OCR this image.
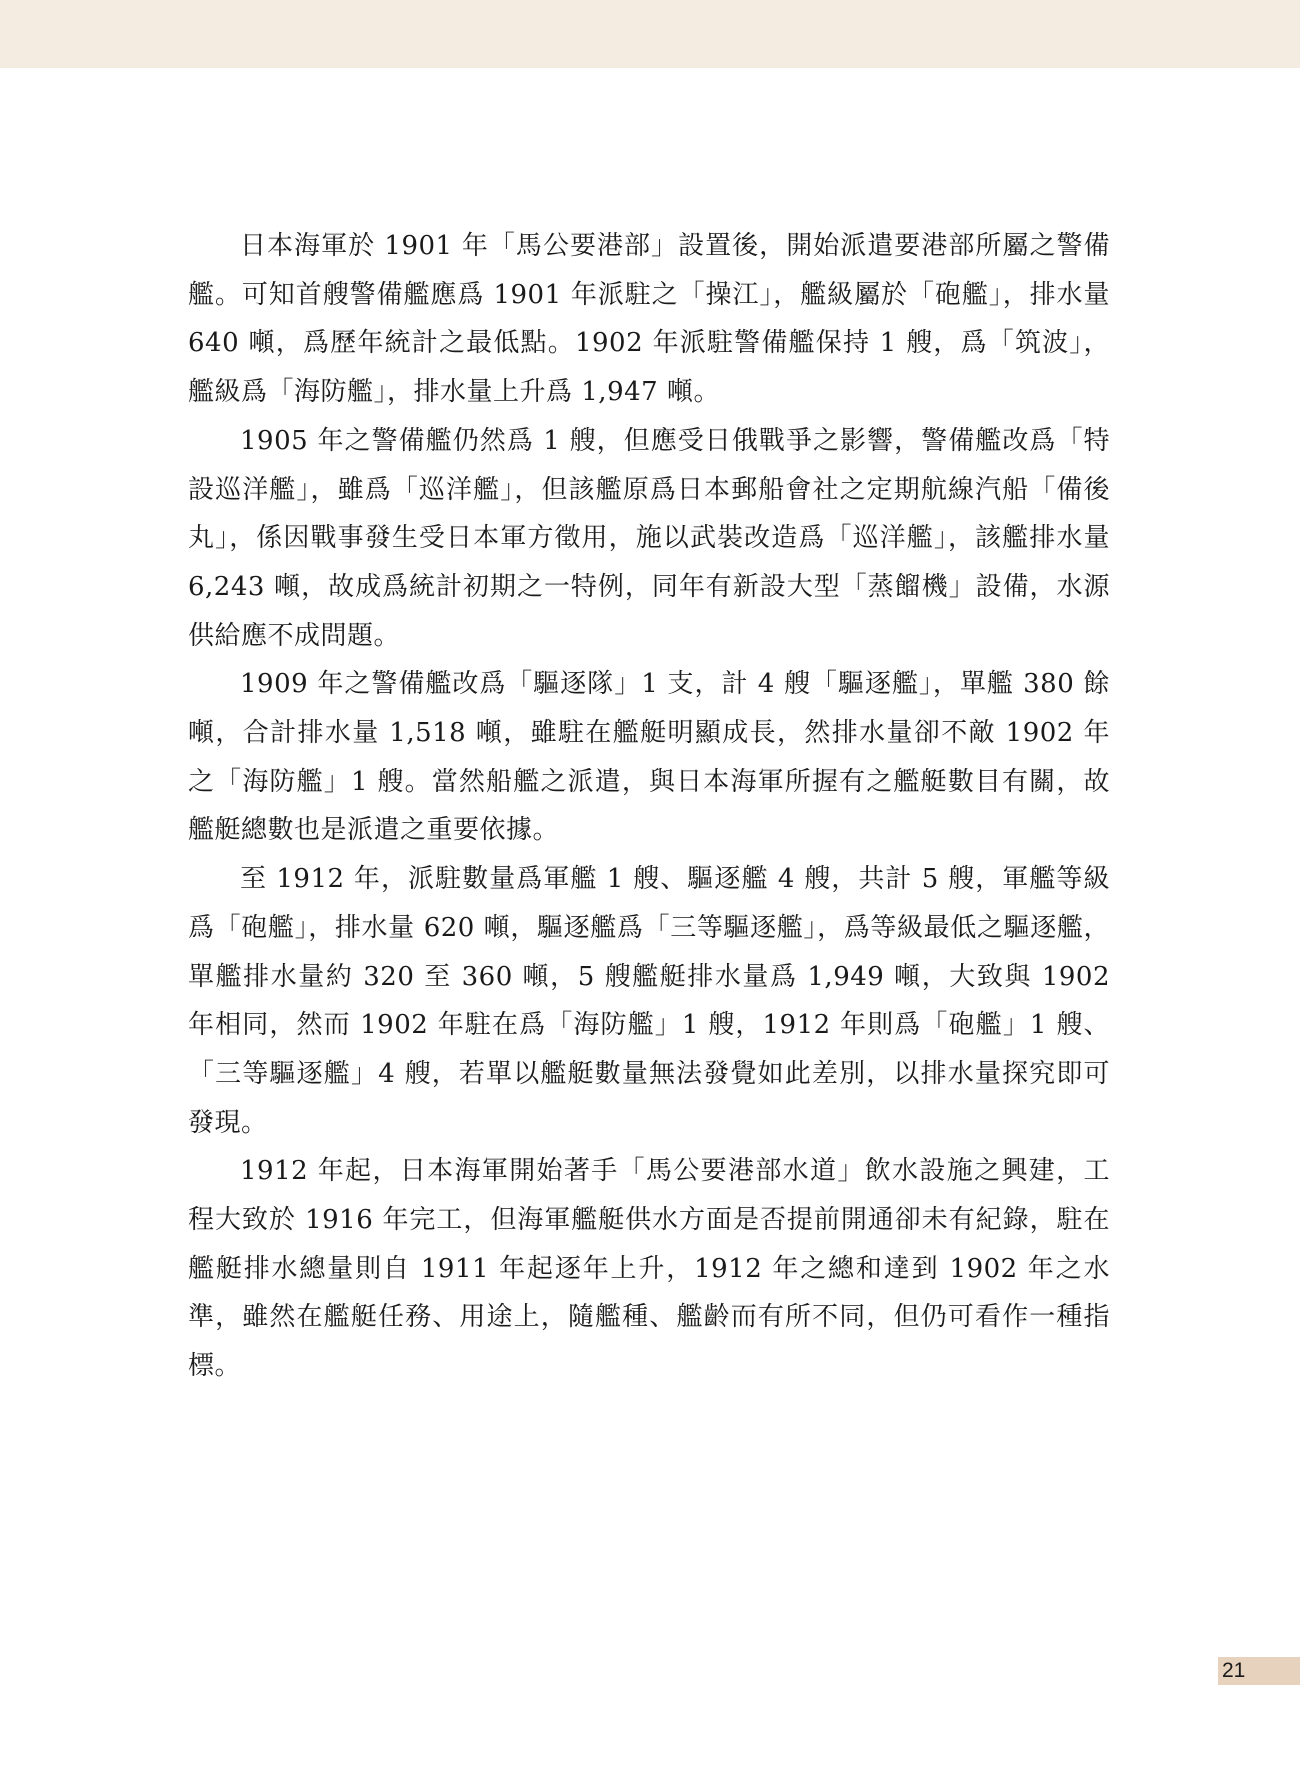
日本海軍於 1901 年「馬公要港部」設置後，開始派遣要港部所屬之警備艦。可知首艘警備艦應爲 1901 年派駐之「操江」，艦級屬於「砲艦」，排水量 640 噸，爲歷年統計之最低點。1902 年派駐警備艦保持 1 艘，爲「筑波」，艦級爲「海防艦」，排水量上升爲 1,947 噸。

1905 年之警備艦仍然爲 1 艘，但應受日俄戰爭之影響，警備艦改爲「特設巡洋艦」，雖爲「巡洋艦」，但該艦原爲日本郵船會社之定期航線汽船「備後丸」，係因戰事發生受日本軍方徵用，施以武裝改造爲「巡洋艦」，該艦排水量 6,243 噸，故成爲統計初期之一特例，同年有新設大型「蒸餾機」設備，水源供給應不成問題。

1909 年之警備艦改爲「驅逐隊」1 支，計 4 艘「驅逐艦」，單艦 380 餘噸，合計排水量 1,518 噸，雖駐在艦艇明顯成長，然排水量卻不敵 1902 年之「海防艦」1 艘。當然船艦之派遣，與日本海軍所握有之艦艇數目有關，故艦艇總數也是派遣之重要依據。

至 1912 年，派駐數量爲軍艦 1 艘、驅逐艦 4 艘，共計 5 艘，軍艦等級爲「砲艦」，排水量 620 噸，驅逐艦爲「三等驅逐艦」，爲等級最低之驅逐艦，單艦排水量約 320 至 360 噸，5 艘艦艇排水量爲 1,949 噸，大致與 1902 年相同，然而 1902 年駐在爲「海防艦」1 艘，1912 年則爲「砲艦」1 艘、「三等驅逐艦」4 艘，若單以艦艇數量無法發覺如此差別，以排水量探究即可發現。

1912 年起，日本海軍開始著手「馬公要港部水道」飲水設施之興建，工程大致於 1916 年完工，但海軍艦艇供水方面是否提前開通卻未有紀錄，駐在艦艇排水總量則自 1911 年起逐年上升，1912 年之總和達到 1902 年之水準，雖然在艦艇任務、用途上，隨艦種、艦齡而有所不同，但仍可看作一種指標。

21
